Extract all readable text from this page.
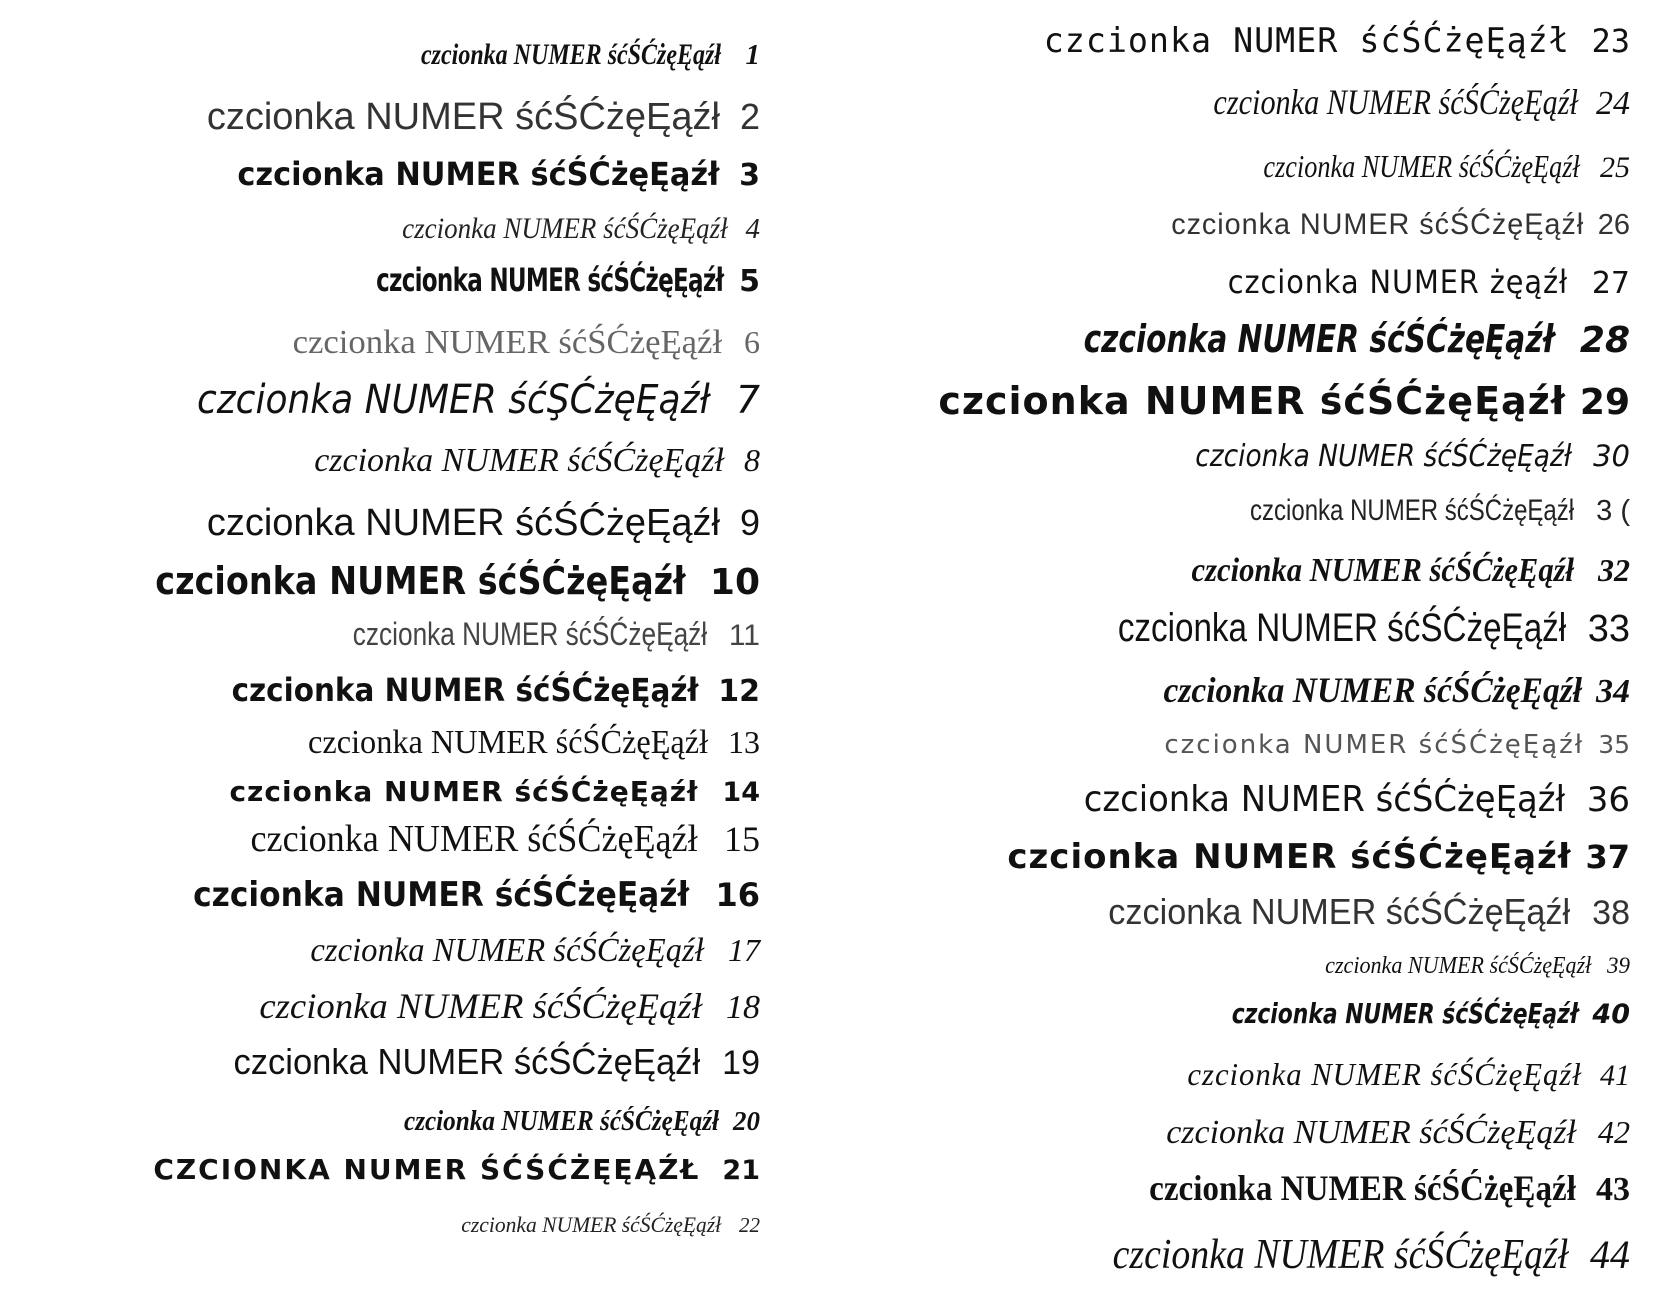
czcionka NUMER śćŚĆżęĘąźł 1
czcionka NUMER śćŚĆżęĘąźł 2
czcionka NUMER śćŚĆżęĘąźł 3
czcionka NUMER śćŚĆżęĘąźł 4
czcionka NUMER śćŚĆżęĘąźł 5
czcionka NUMER śćŚĆżęĘąźł 6
czcionka NUMER śćŞĆżęĘąźł 7
czcionka NUMER śćŚĆżęĘąźł 8
czcionka NUMER śćŚĆżęĘąźł 9
czcionka NUMER śćŚĆżęĘąźł 10
czcionka NUMER śćŚĆżęĘąźł 11
czcionka NUMER śćŚĆżęĘąźł 12
czcionka NUMER śćŚĆżęĘąźł 13
czcionka NUMER śćŚĆżęĘąźł 14
czcionka NUMER śćŚĆżęĘąźł 15
czcionka NUMER śćŚĆżęĘąźł 16
czcionka NUMER śćŚĆżęĘąźł 17
czcionka NUMER śćŚĆżęĘąźł 18
czcionka NUMER śćŚĆżęĘąźł 19
czcionka NUMER śćŚĆżęĘąźł 20
CZCIONKA NUMER ŚĆŚĆŻĘĘĄŹŁ 21
czcionka NUMER śćŚĆżęĘąźł 22
czcionka NUMER śćŚĆżęĘąźł 23
czcionka NUMER śćŚĆżęĘąźł 24
czcionka NUMER śćŚĆżęĘąźł 25
czcionka NUMER śćŚĆżęĘąźł 26
czcionka NUMER żęąźł 27
czcionka NUMER śćŚĆżęĘąźł 28
czcionka NUMER śćŚĆżęĘąźł 29
czcionka NUMER śćŚĆżęĘąźł 30
czcionka NUMER śćŚĆżęĘąźł 3 (
czcionka NUMER śćŚĆżęĘąźł 32
czcionka NUMER śćŚĆżęĘąźł 33
czcionka NUMER śćŚĆżęĘąźł 34
czcionka NUMER śćŚĆżęĘąźł 35
czcionka NUMER śćŚĆżęĘąźł 36
czcionka NUMER śćŚĆżęĘąźł 37
czcionka NUMER śćŚĆżęĘąźł 38
czcionka NUMER śćŚĆżęĘąźł 39
czcionka NUMER śćŚĆżęĘąźł 40
czcionka NUMER śćŚĆżęĘąźł 41
czcionka NUMER śćŚĆżęĘąźł 42
czcionka NUMER śćŚĆżęĘąźł 43
czcionka NUMER śćŚĆżęĘąźł 44
